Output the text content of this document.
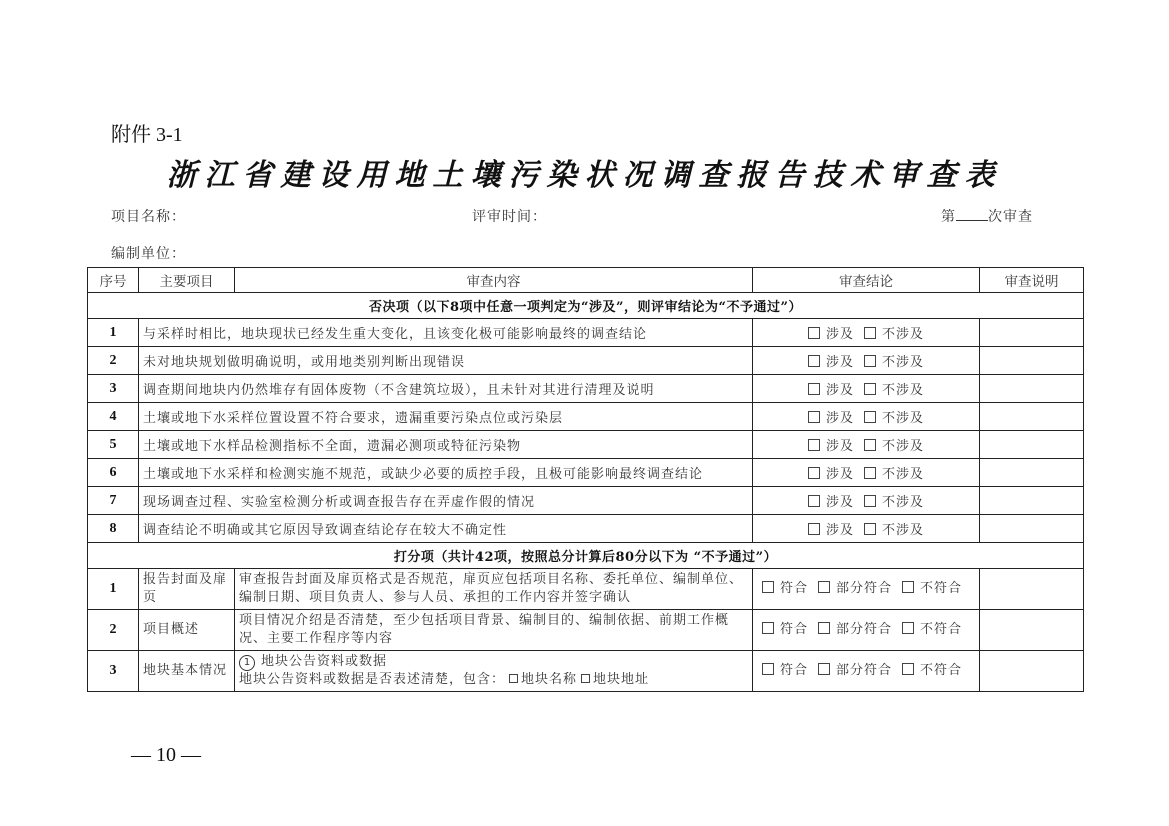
附件 3-1
浙江省建设用地土壤污染状况调查报告技术审查表
项目名称：	评审时间：	第 次审查
编制单位：
序号	主要项目	审查内容	审查结论	审查说明
否决项（以下8项中任意一项判定为“涉及”，则评审结论为“不予通过”）				
1	与采样时相比，地块现状已经发生重大变化，且该变化极可能影响最终的调查结论		涉及 不涉及	
2	未对地块规划做明确说明，或用地类别判断出现错误		涉及 不涉及	
3	调查期间地块内仍然堆存有固体废物（不含建筑垃圾），且未针对其进行清理及说明		涉及 不涉及	
4	土壤或地下水采样位置设置不符合要求，遗漏重要污染点位或污染层		涉及 不涉及	
5	土壤或地下水样品检测指标不全面，遗漏必测项或特征污染物		涉及 不涉及	
6	土壤或地下水采样和检测实施不规范，或缺少必要的质控手段，且极可能影响最终调查结论		涉及 不涉及	
7	现场调查过程、实验室检测分析或调查报告存在弄虚作假的情况		涉及 不涉及	
8	调查结论不明确或其它原因导致调查结论存在较大不确定性		涉及 不涉及	
打分项（共计42项，按照总分计算后80分以下为 “不予通过”）				
1	报告封面及扉页	审查报告封面及扉页格式是否规范，扉页应包括项目名称、委托单位、编制单位、编制日期、项目负责人、参与人员、承担的工作内容并签字确认	符合 部分符合 不符合	
2	项目概述	项目情况介绍是否清楚，至少包括项目背景、编制目的、编制依据、前期工作概况、主要工作程序等内容	符合 部分符合 不符合	
3	地块基本情况	1 地块公告资料或数据
地块公告资料或数据是否表述清楚，包含： 地块名称 地块地址	符合 部分符合 不符合	
— 10 —
